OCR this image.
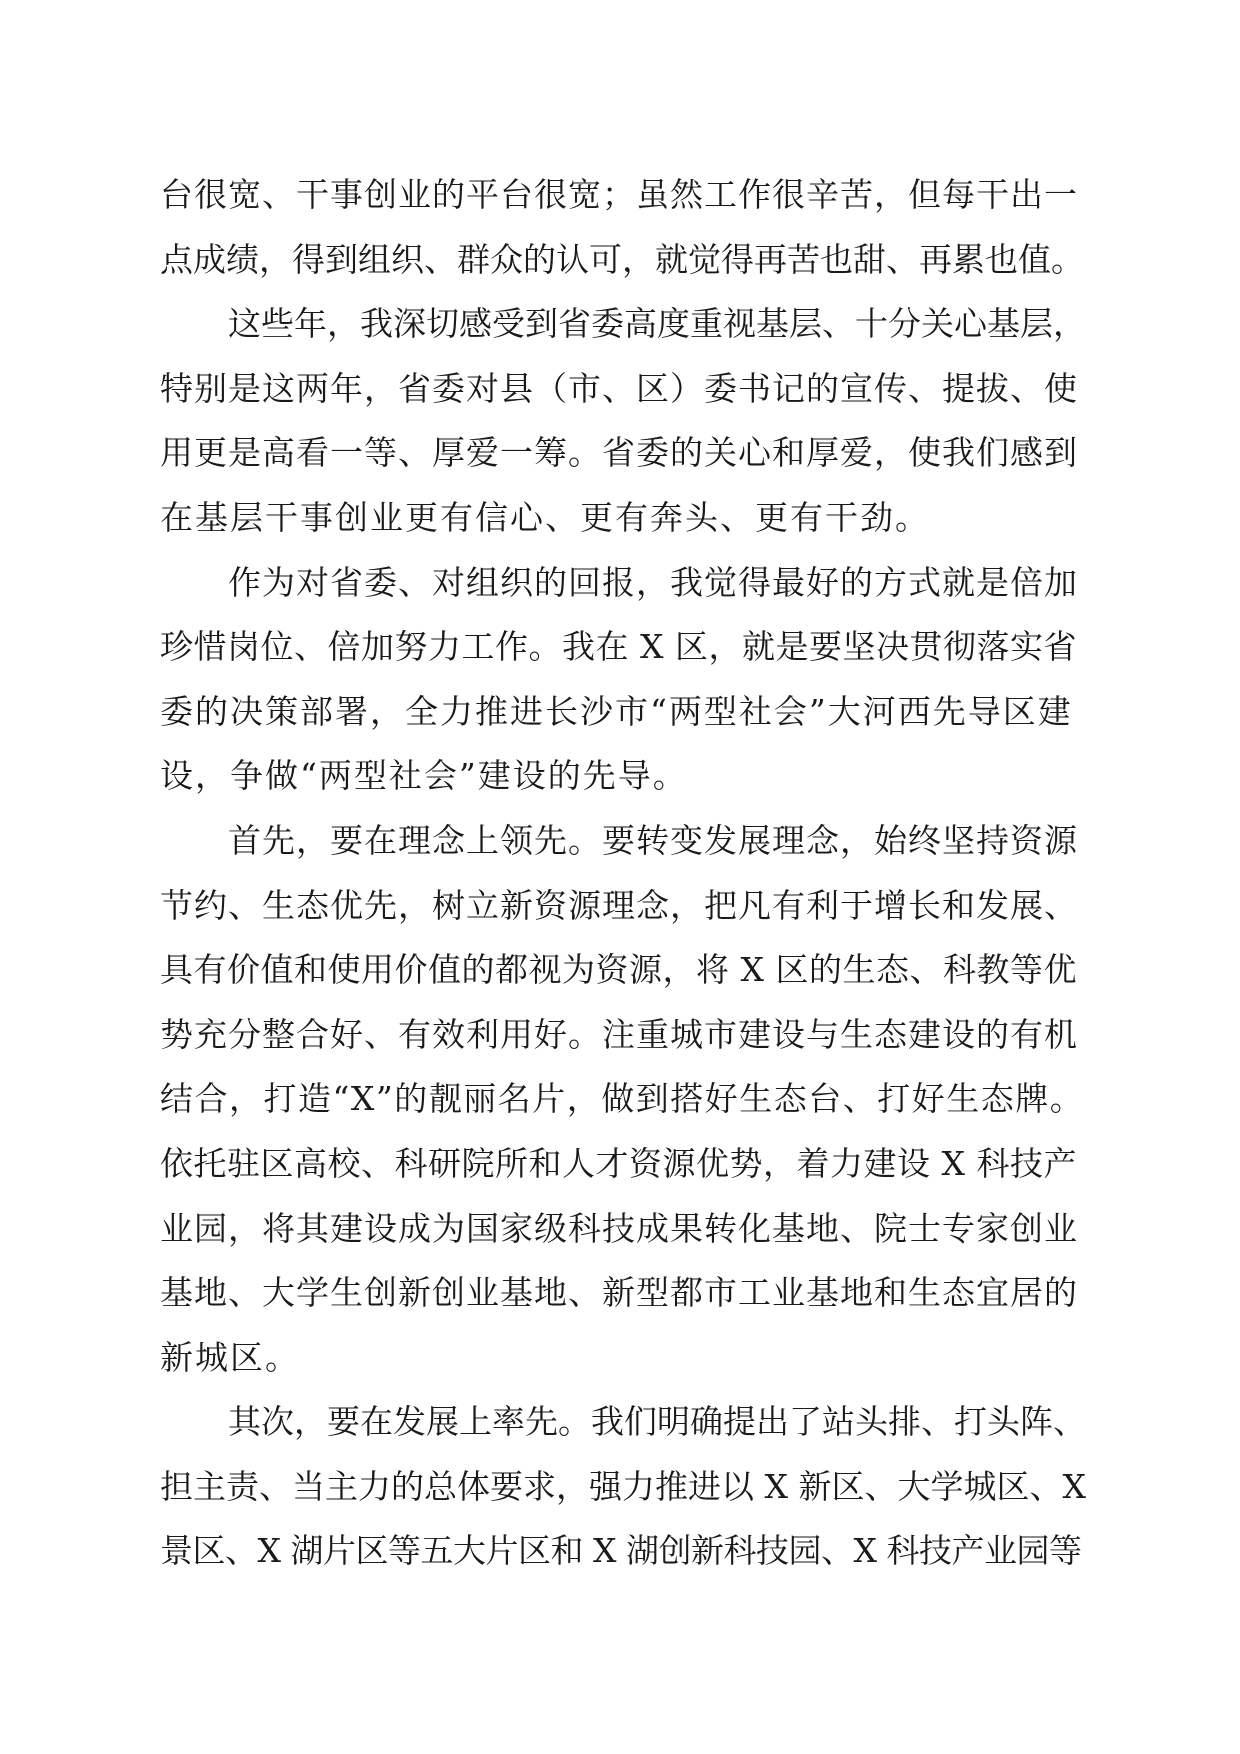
台很宽、干事创业的平台很宽；虽然工作很辛苦，但每干出一
点成绩，得到组织、群众的认可，就觉得再苦也甜、再累也值。
这些年，我深切感受到省委高度重视基层、十分关心基层，
特别是这两年，省委对县（市、区）委书记的宣传、提拔、使
用更是高看一等、厚爱一筹。省委的关心和厚爱，使我们感到
在基层干事创业更有信心、更有奔头、更有干劲。
作为对省委、对组织的回报，我觉得最好的方式就是倍加
珍惜岗位、倍加努力工作。我在 X 区，就是要坚决贯彻落实省
委的决策部署，全力推进长沙市“两型社会”大河西先导区建
设，争做“两型社会”建设的先导。
首先，要在理念上领先。要转变发展理念，始终坚持资源
节约、生态优先，树立新资源理念，把凡有利于增长和发展、
具有价值和使用价值的都视为资源，将 X 区的生态、科教等优
势充分整合好、有效利用好。注重城市建设与生态建设的有机
结合，打造“X”的靓丽名片，做到搭好生态台、打好生态牌。
依托驻区高校、科研院所和人才资源优势，着力建设 X 科技产
业园，将其建设成为国家级科技成果转化基地、院士专家创业
基地、大学生创新创业基地、新型都市工业基地和生态宜居的
新城区。
其次，要在发展上率先。我们明确提出了站头排、打头阵、
担主责、当主力的总体要求，强力推进以 X 新区、大学城区、X
景区、X 湖片区等五大片区和 X 湖创新科技园、X 科技产业园等
